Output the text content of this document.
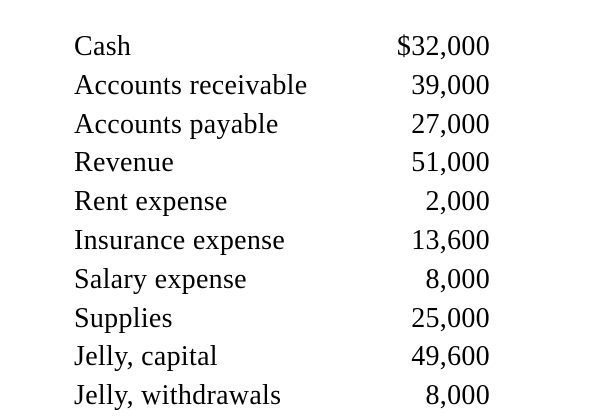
Cash	$32,000
Accounts receivable	39,000
Accounts payable	27,000
Revenue	51,000
Rent expense	2,000
Insurance expense	13,600
Salary expense	8,000
Supplies	25,000
Jelly, capital	49,600
Jelly, withdrawals	8,000
